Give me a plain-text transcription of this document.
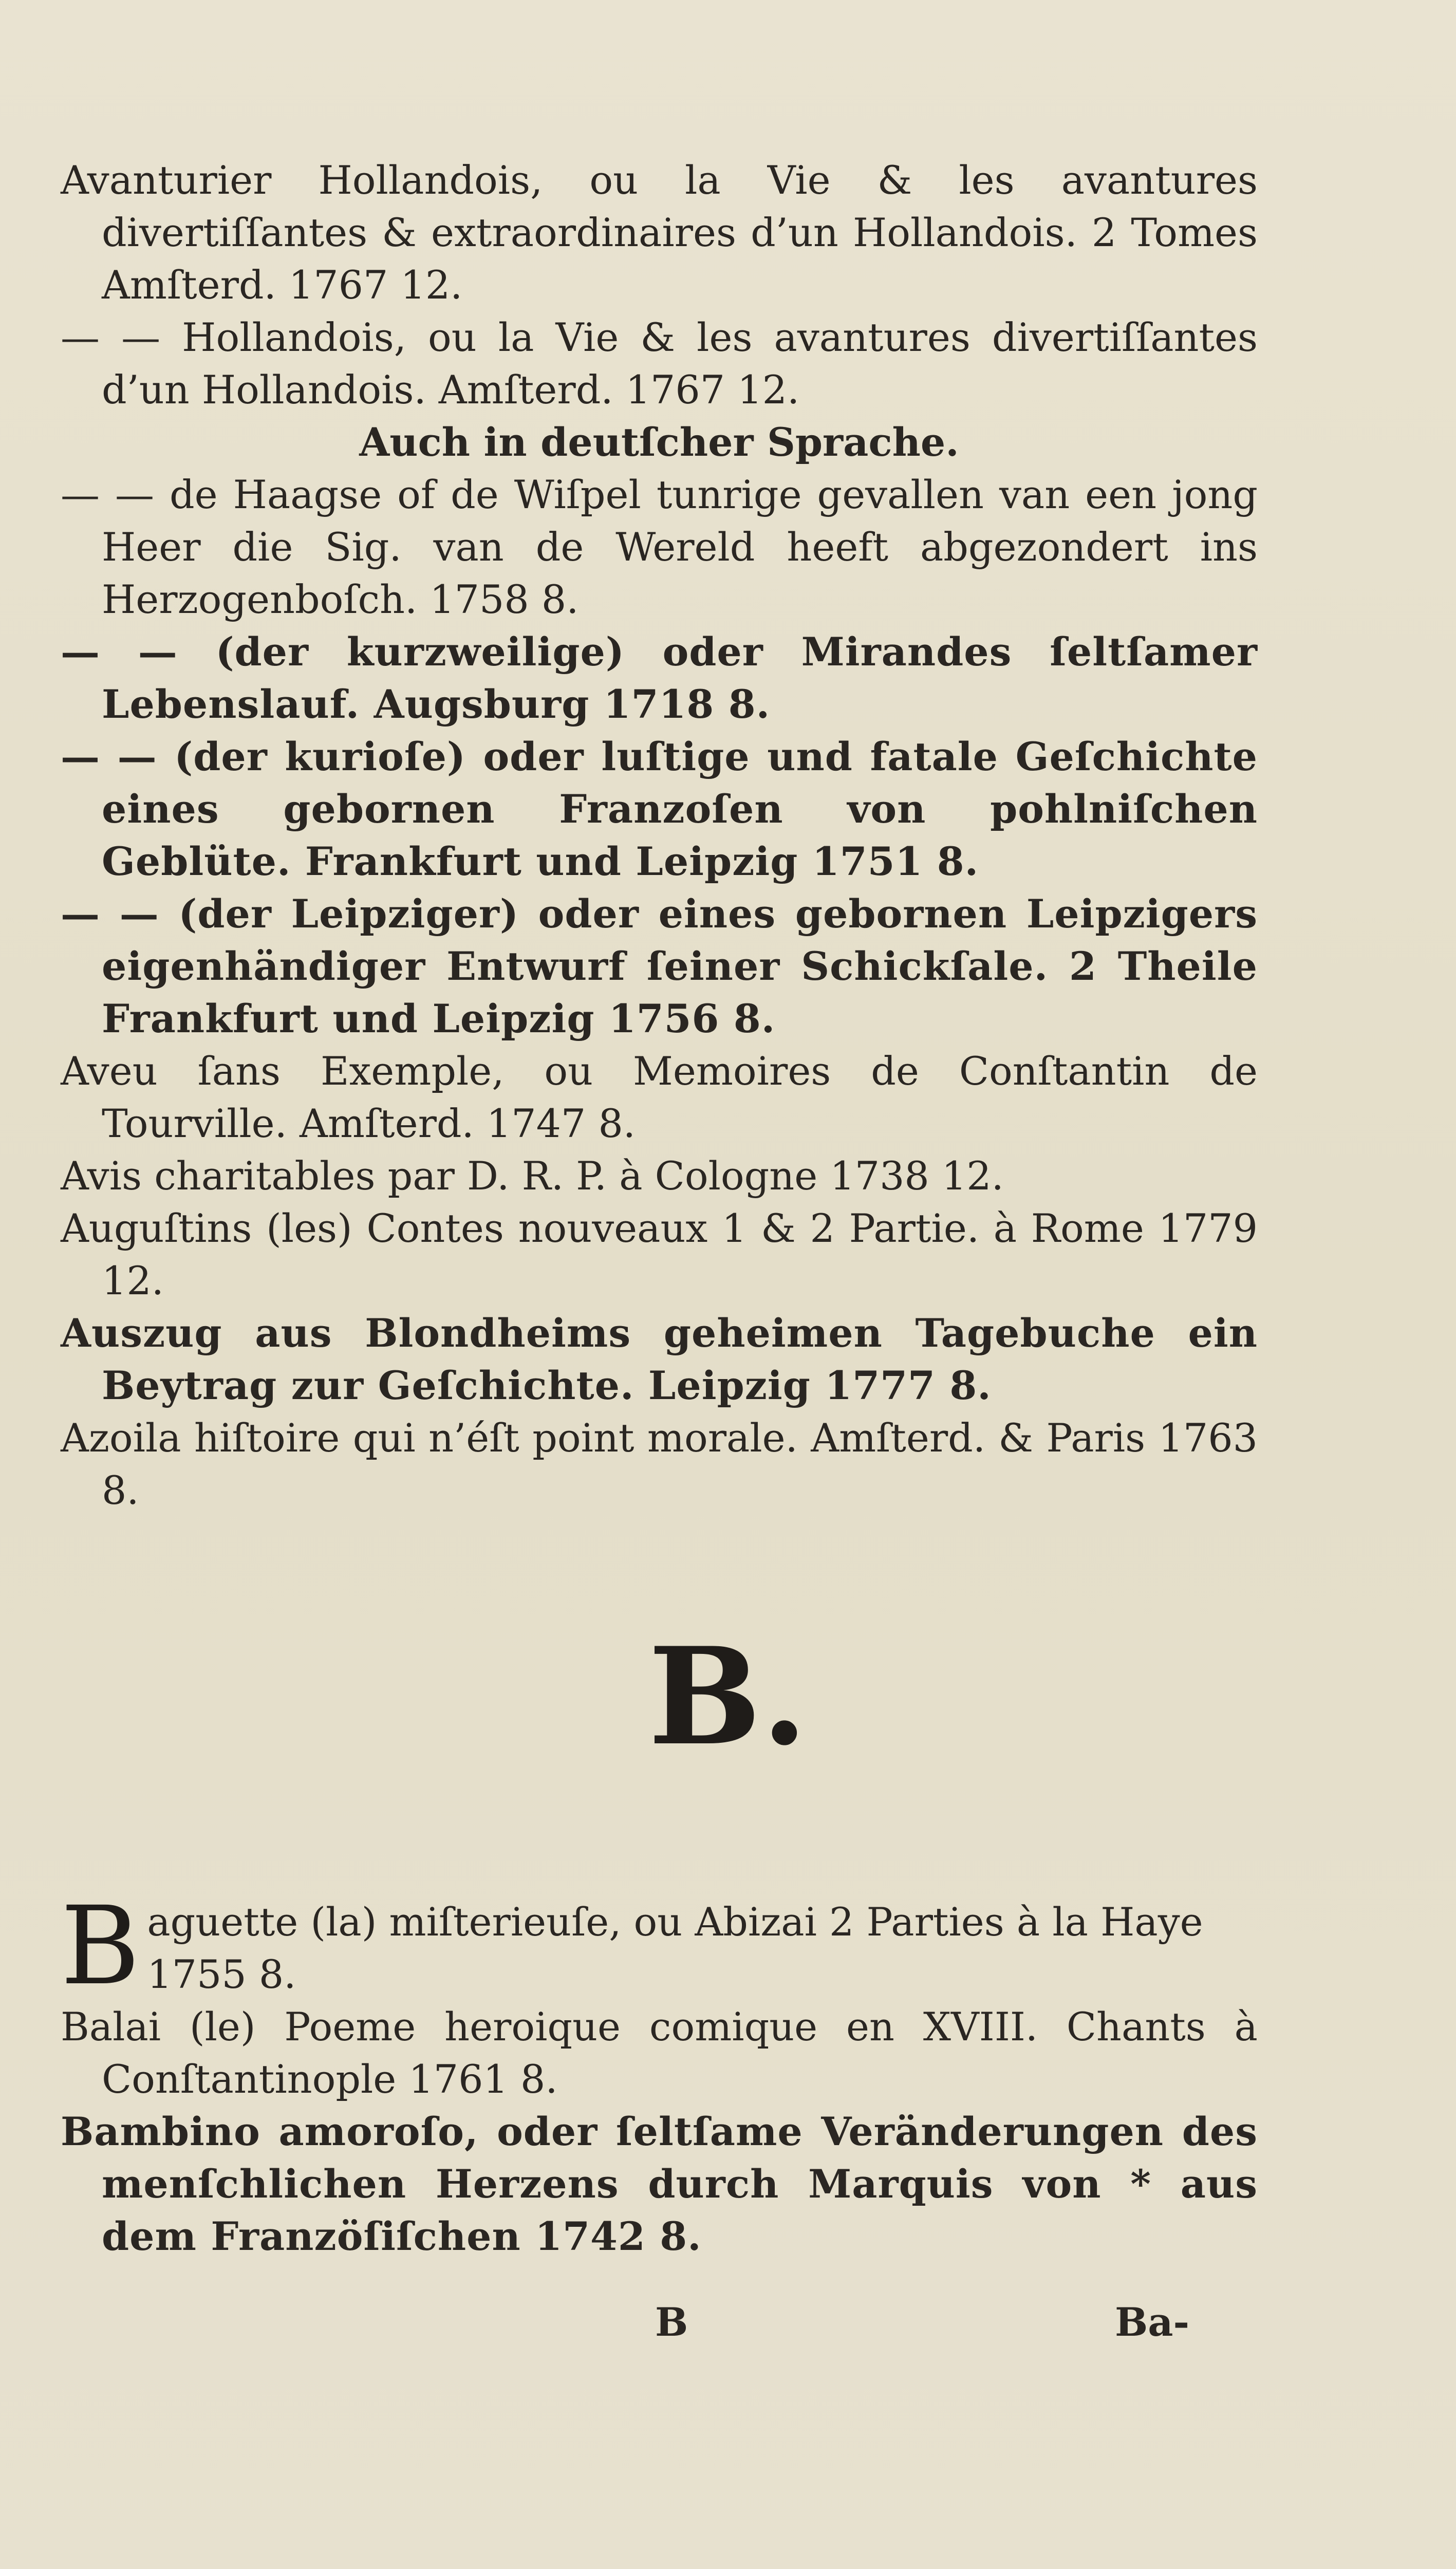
Avanturier Hollandois, ou la Vie & les avantures divertiſſantes & extraordinaires d’un Hollandois. 2 Tomes Amſterd. 1767 12.

— — Hollandois, ou la Vie & les avantures divertiſſantes d’un Hollandois. Amſterd. 1767 12.

Auch in deutſcher Sprache.

— — de Haagse of de Wiſpel tunrige gevallen van een jong Heer die Sig. van de Wereld heeft abgezondert ins Herzogenboſch. 1758 8.

— — (der kurzweilige) oder Mirandes ſeltſamer Lebenslauf. Augsburg 1718 8.

— — (der kurioſe) oder luſtige und fatale Geſchichte eines gebornen Franzoſen von pohlniſchen Geblüte. Frankfurt und Leipzig 1751 8.

— — (der Leipziger) oder eines gebornen Leipzigers eigenhändiger Entwurf ſeiner Schickſale. 2 Theile Frankfurt und Leipzig 1756 8.

Aveu ſans Exemple, ou Memoires de Conſtantin de Tourville. Amſterd. 1747 8.

Avis charitables par D. R. P. à Cologne 1738 12.

Auguſtins (les) Contes nouveaux 1 & 2 Partie. à Rome 1779 12.

Auszug aus Blondheims geheimen Tagebuche ein Beytrag zur Geſchichte. Leipzig 1777 8.

Azoila hiſtoire qui n’éſt point morale. Amſterd. & Paris 1763 8.

B.

Baguette (la) miſterieuſe, ou Abizai 2 Parties à la Haye 1755 8.

Balai (le) Poeme heroique comique en XVIII. Chants à Conſtantinople 1761 8.

Bambino amoroſo, oder ſeltſame Veränderungen des menſchlichen Herzens durch Marquis von * aus dem Franzöſiſchen 1742 8.

B	Ba-
